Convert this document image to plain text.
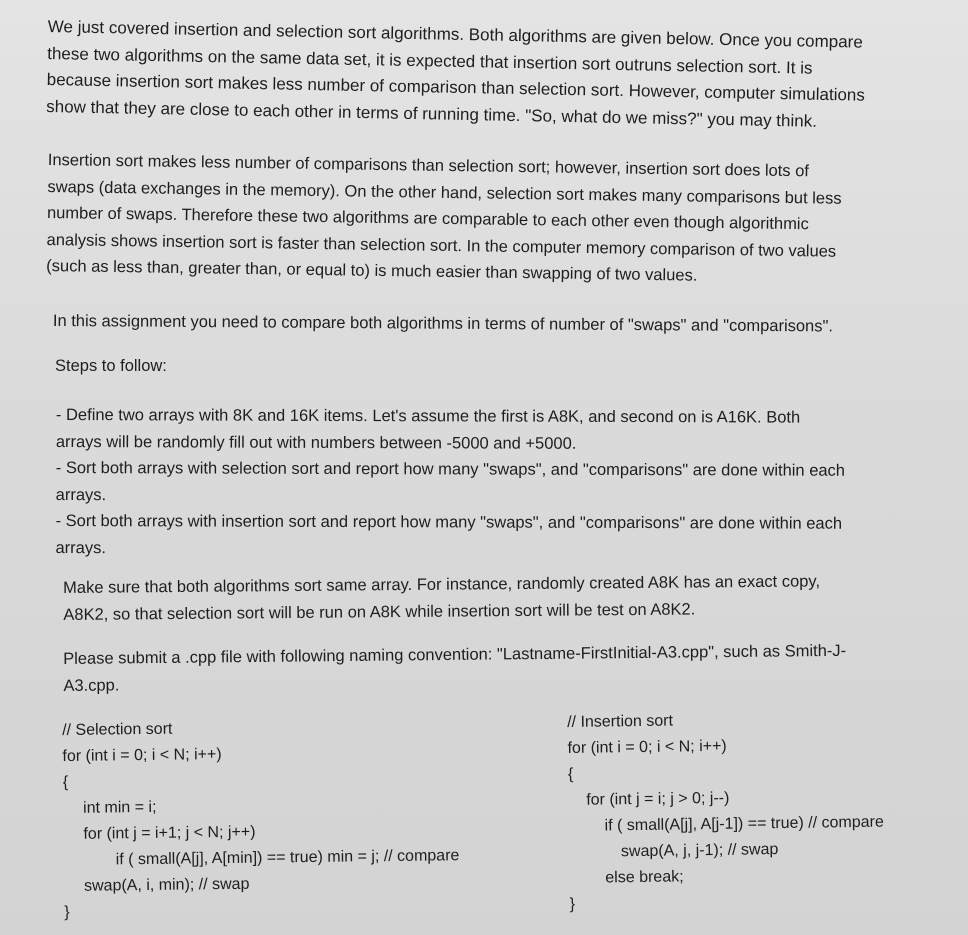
We just covered insertion and selection sort algorithms. Both algorithms are given below. Once you compare
these two algorithms on the same data set, it is expected that insertion sort outruns selection sort. It is
because insertion sort makes less number of comparison than selection sort. However, computer simulations
show that they are close to each other in terms of running time. "So, what do we miss?" you may think.
Insertion sort makes less number of comparisons than selection sort; however, insertion sort does lots of
swaps (data exchanges in the memory). On the other hand, selection sort makes many comparisons but less
number of swaps. Therefore these two algorithms are comparable to each other even though algorithmic
analysis shows insertion sort is faster than selection sort. In the computer memory comparison of two values
(such as less than, greater than, or equal to) is much easier than swapping of two values.
In this assignment you need to compare both algorithms in terms of number of "swaps" and "comparisons".
Steps to follow:
- Define two arrays with 8K and 16K items. Let's assume the first is A8K, and second on is A16K. Both
arrays will be randomly fill out with numbers between -5000 and +5000.
- Sort both arrays with selection sort and report how many "swaps", and "comparisons" are done within each
arrays.
- Sort both arrays with insertion sort and report how many "swaps", and "comparisons" are done within each
arrays.
Make sure that both algorithms sort same array. For instance, randomly created A8K has an exact copy,
A8K2, so that selection sort will be run on A8K while insertion sort will be test on A8K2.
Please submit a .cpp file with following naming convention: "Lastname-FirstInitial-A3.cpp", such as Smith-J-
A3.cpp.
// Selection sort
for (int i = 0; i < N; i++)
{
int min = i;
for (int j = i+1; j < N; j++)
if ( small(A[j], A[min]) == true) min = j; // compare
swap(A, i, min); // swap
}
// Insertion sort
for (int i = 0; i < N; i++)
{
for (int j = i; j > 0; j--)
if ( small(A[j], A[j-1]) == true) // compare
swap(A, j, j-1); // swap
else break;
}
